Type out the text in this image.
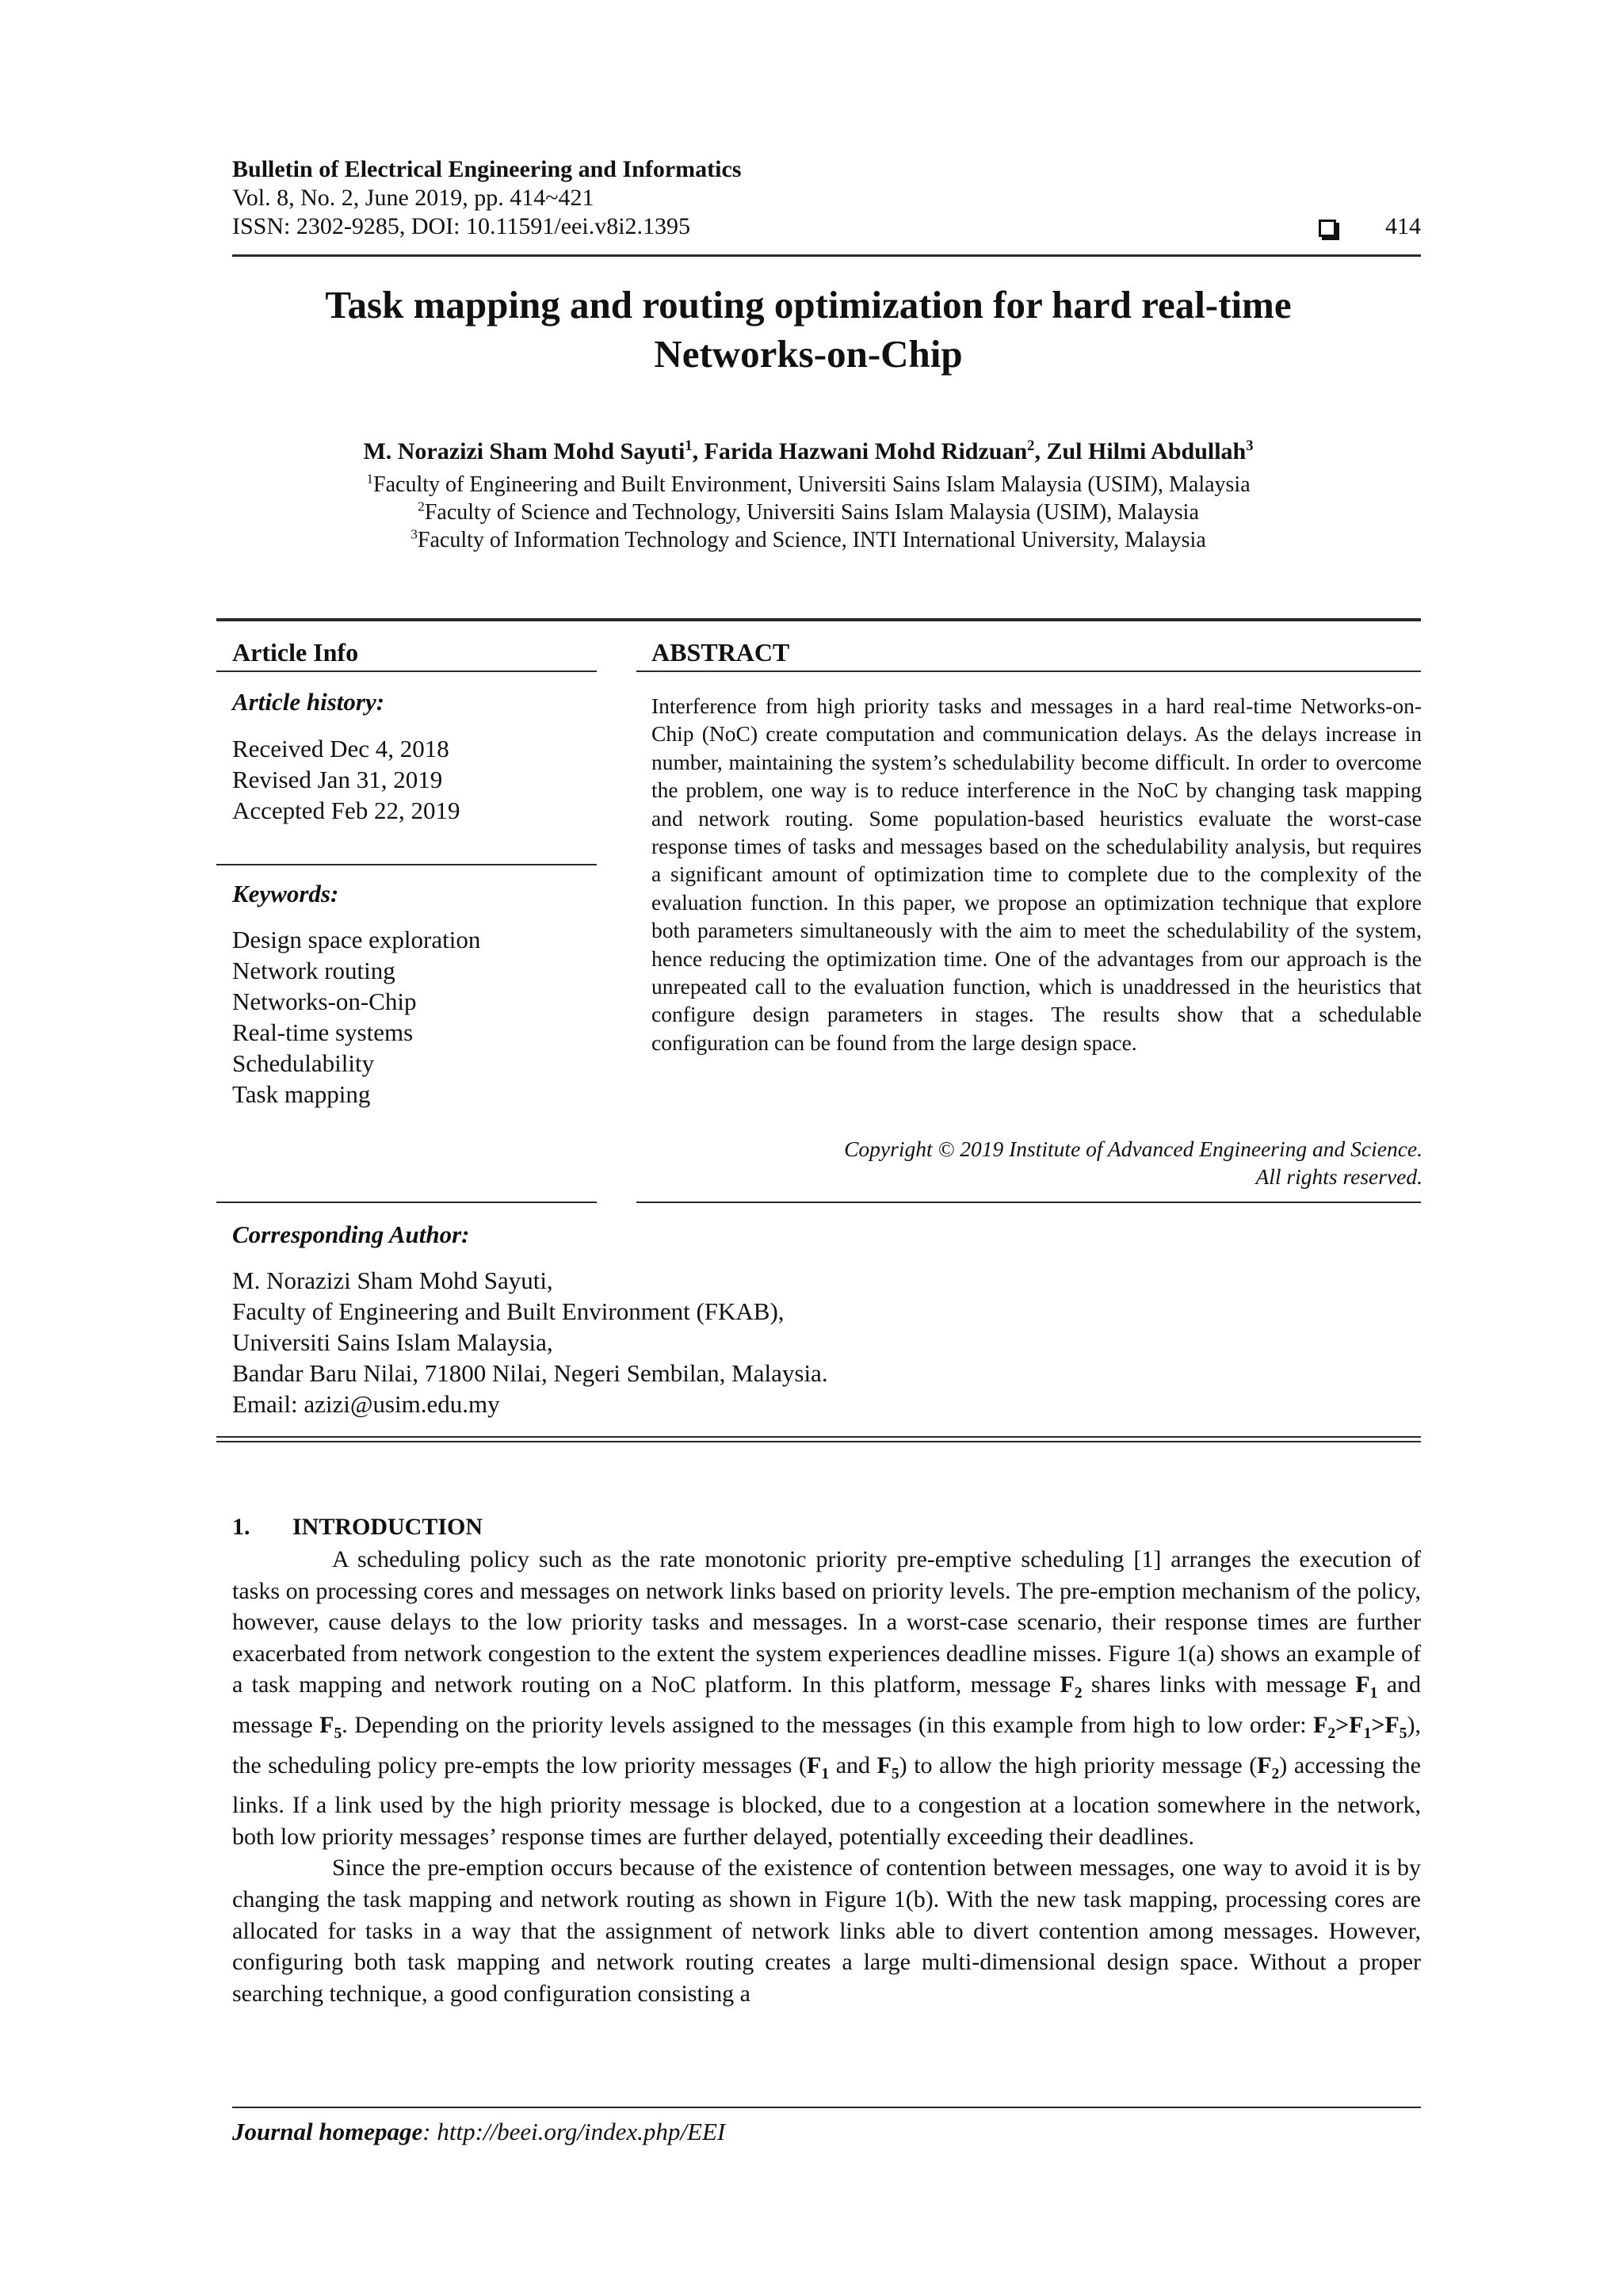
Bulletin of Electrical Engineering and Informatics
Vol. 8, No. 2, June 2019, pp. 414~421
ISSN: 2302-9285, DOI: 10.11591/eei.v8i2.1395	414
Task mapping and routing optimization for hard real-time
Networks-on-Chip
M. Norazizi Sham Mohd Sayuti$^1$, Farida Hazwani Mohd Ridzuan$^2$, Zul Hilmi Abdullah$^3$
$^1$Faculty of Engineering and Built Environment, Universiti Sains Islam Malaysia (USIM), Malaysia
$^2$Faculty of Science and Technology, Universiti Sains Islam Malaysia (USIM), Malaysia
$^3$Faculty of Information Technology and Science, INTI International University, Malaysia
Article Info
Article history:
Received Dec 4, 2018
Revised Jan 31, 2019
Accepted Feb 22, 2019
Keywords:
Design space exploration
Network routing
Networks-on-Chip
Real-time systems
Schedulability
Task mapping
ABSTRACT
Interference from high priority tasks and messages in a hard real-time Networks-on-Chip (NoC) create computation and communication delays. As the delays increase in number, maintaining the system’s schedulability become difficult. In order to overcome the problem, one way is to reduce interference in the NoC by changing task mapping and network routing. Some population-based heuristics evaluate the worst-case response times of tasks and messages based on the schedulability analysis, but requires a significant amount of optimization time to complete due to the complexity of the evaluation function. In this paper, we propose an optimization technique that explore both parameters simultaneously with the aim to meet the schedulability of the system, hence reducing the optimization time. One of the advantages from our approach is the unrepeated call to the evaluation function, which is unaddressed in the heuristics that configure design parameters in stages. The results show that a schedulable configuration can be found from the large design space.
Copyright © 2019 Institute of Advanced Engineering and Science.
All rights reserved.
Corresponding Author:
M. Norazizi Sham Mohd Sayuti,
Faculty of Engineering and Built Environment (FKAB),
Universiti Sains Islam Malaysia,
Bandar Baru Nilai, 71800 Nilai, Negeri Sembilan, Malaysia.
Email: azizi@usim.edu.my
1. INTRODUCTION

A scheduling policy such as the rate monotonic priority pre-emptive scheduling [1] arranges the execution of tasks on processing cores and messages on network links based on priority levels. The pre-emption mechanism of the policy, however, cause delays to the low priority tasks and messages. In a worst-case scenario, their response times are further exacerbated from network congestion to the extent the system experiences deadline misses. Figure 1(a) shows an example of a task mapping and network routing on a NoC platform. In this platform, message $F_2$ shares links with message $F_1$ and message $F_5$. Depending on the priority levels assigned to the messages (in this example from high to low order: $F_2>F_1>F_5$), the scheduling policy pre-empts the low priority messages ($F_1$ and $F_5$) to allow the high priority message $(F_2)$ accessing the links. If a link used by the high priority message is blocked, due to a congestion at a location somewhere in the network, both low priority messages’ response times are further delayed, potentially exceeding their deadlines.

Since the pre-emption occurs because of the existence of contention between messages, one way to avoid it is by changing the task mapping and network routing as shown in Figure 1(b). With the new task mapping, processing cores are allocated for tasks in a way that the assignment of network links able to divert contention among messages. However, configuring both task mapping and network routing creates a large multi-dimensional design space. Without a proper searching technique, a good configuration consisting a

Journal homepage: http://beei.org/index.php/EEI
